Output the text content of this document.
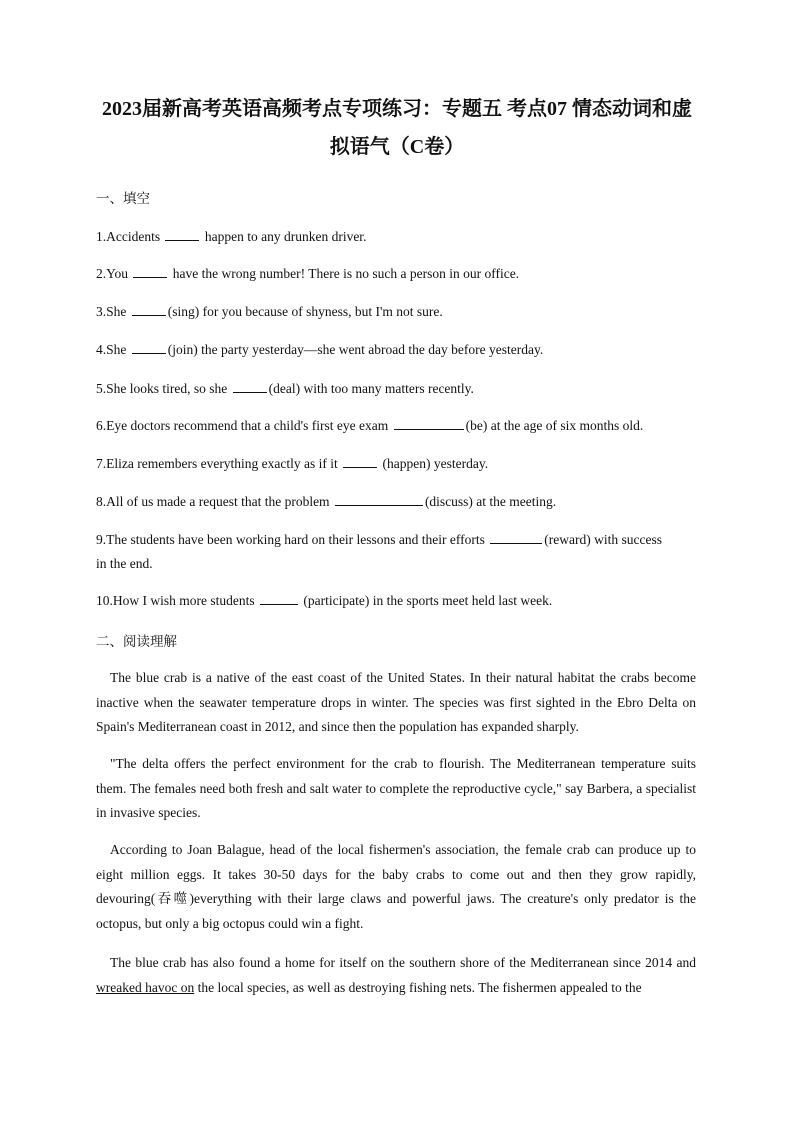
2023届新高考英语高频考点专项练习：专题五 考点07 情态动词和虚
拟语气（C卷）
一、填空
1.Accidents	happen to any drunken driver.
2.You	have the wrong number! There is no such a person in our office.
3.She	(sing) for you because of shyness, but I'm not sure.
4.She	(join) the party yesterday—she went abroad the day before yesterday.
5.She looks tired, so she	(deal) with too many matters recently.
6.Eye doctors recommend that a child's first eye exam	(be) at the age of six months old.
7.Eliza remembers everything exactly as if it	(happen) yesterday.
8.All of us made a request that the problem	(discuss) at the meeting.
9.The students have been working hard on their lessons and their efforts	(reward) with success
in the end.
10.How I wish more students	(participate) in the sports meet held last week.
二、阅读理解
The blue crab is a native of the east coast of the United States. In their natural habitat the crabs become inactive when the seawater temperature drops in winter. The species was first sighted in the Ebro Delta on Spain's Mediterranean coast in 2012, and since then the population has expanded sharply.
"The delta offers the perfect environment for the crab to flourish. The Mediterranean temperature suits them. The females need both fresh and salt water to complete the reproductive cycle," say Barbera, a specialist in invasive species.
According to Joan Balague, head of the local fishermen's association, the female crab can produce up to eight million eggs. It takes 30-50 days for the baby crabs to come out and then they grow rapidly, devouring(吞噬)everything with their large claws and powerful jaws. The creature's only predator is the octopus, but only a big octopus could win a fight.
The blue crab has also found a home for itself on the southern shore of the Mediterranean since 2014 and wreaked havoc on the local species, as well as destroying fishing nets. The fishermen appealed to the
